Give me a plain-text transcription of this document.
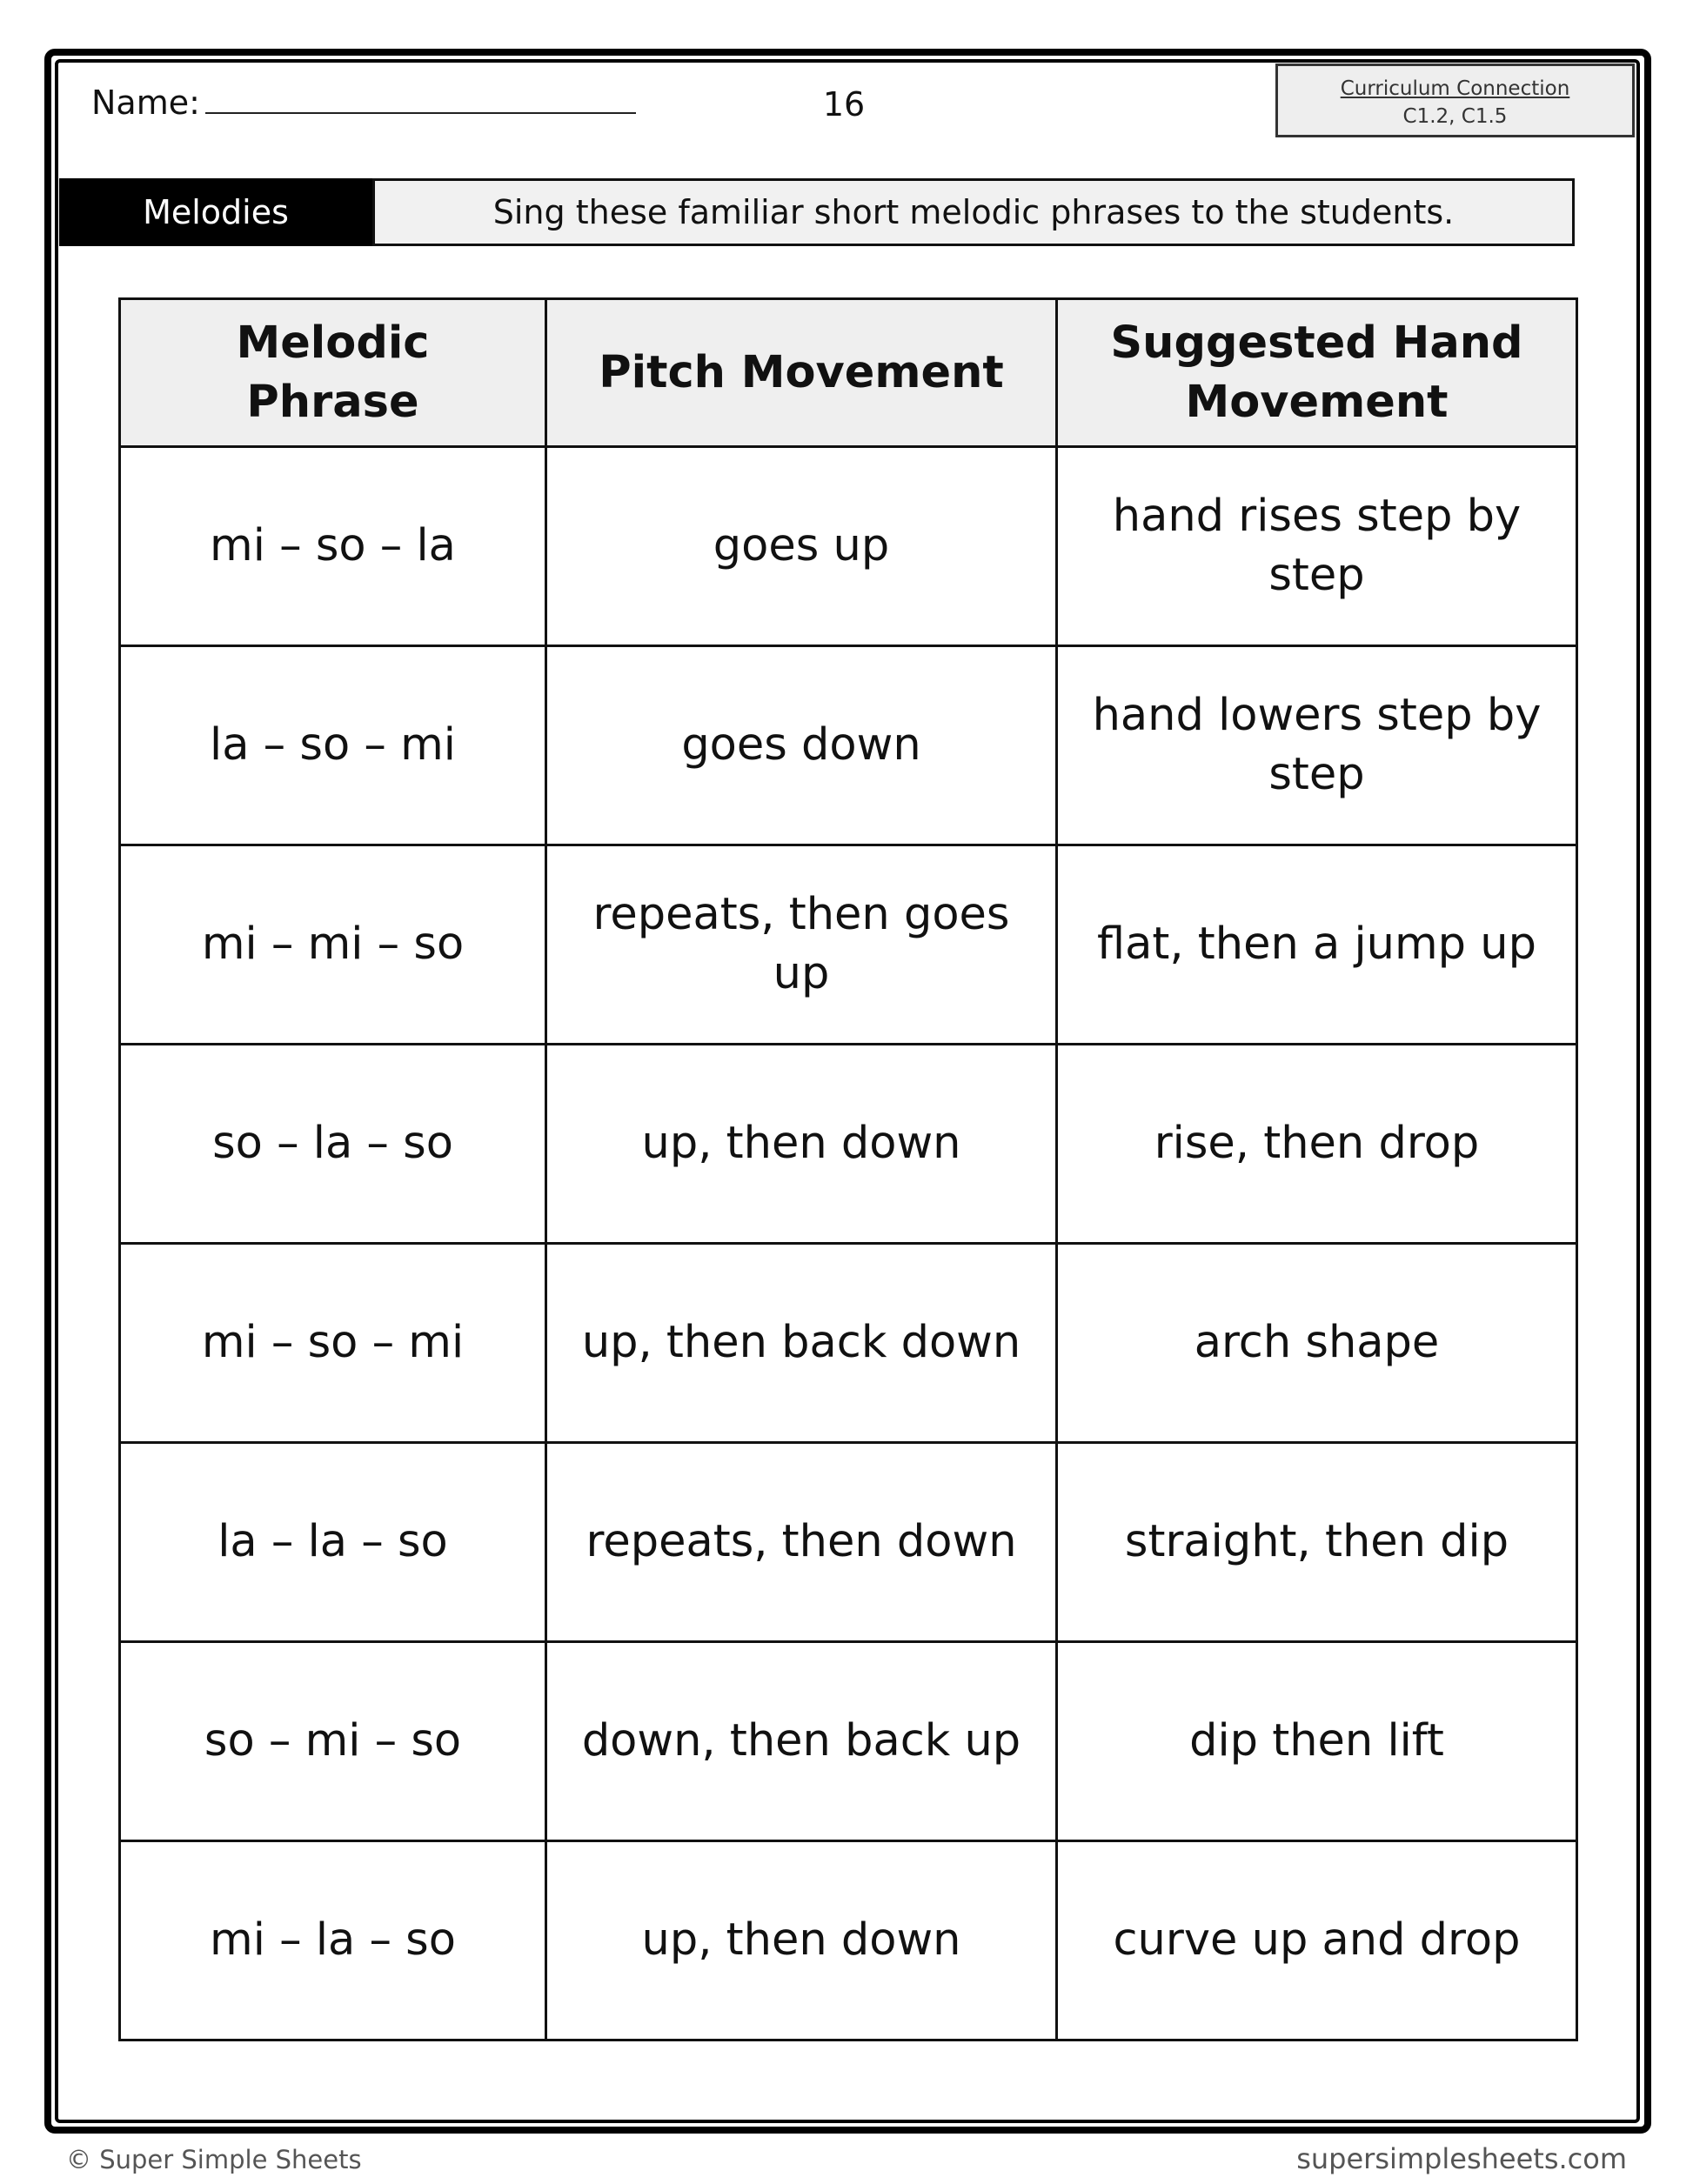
Name:	16	Curriculum Connection
C1.2, C1.5
Melodies	Sing these familiar short melodic phrases to the students.
Melodic Phrase	Pitch Movement	Suggested Hand Movement
mi – so – la	goes up	hand rises step by step
la – so – mi	goes down	hand lowers step by step
mi – mi – so	repeats, then goes up	flat, then a jump up
so – la – so	up, then down	rise, then drop
mi – so – mi	up, then back down	arch shape
la – la – so	repeats, then down	straight, then dip
so – mi – so	down, then back up	dip then lift
mi – la – so	up, then down	curve up and drop
© Super Simple Sheets	supersimplesheets.com
